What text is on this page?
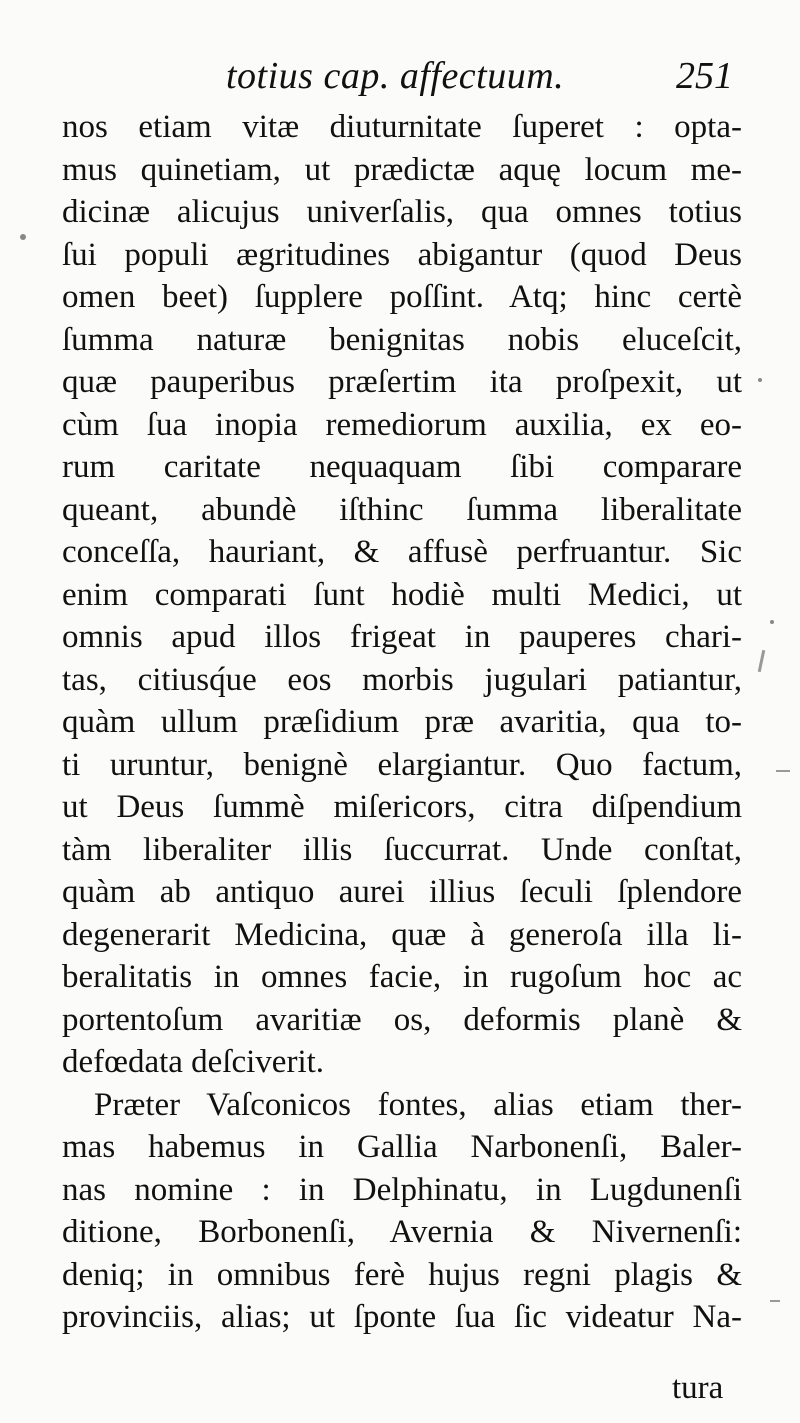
totius cap. affectuum.	251
nos etiam vitæ diuturnitate ſuperet : opta-
mus quinetiam, ut prædictæ aquę locum me-
dicinæ alicujus univerſalis, qua omnes totius
ſui populi ægritudines abigantur (quod Deus
omen beet) ſupplere poſſint. Atq; hinc certè
ſumma naturæ benignitas nobis eluceſcit,
quæ pauperibus præſertim ita proſpexit, ut
cùm ſua inopia remediorum auxilia, ex eo-
rum caritate nequaquam ſibi comparare
queant, abundè iſthinc ſumma liberalitate
conceſſa, hauriant, & affusè perfruantur. Sic
enim comparati ſunt hodiè multi Medici, ut
omnis apud illos frigeat in pauperes chari-
tas, citiusq́ue eos morbis jugulari patiantur,
quàm ullum præſidium præ avaritia, qua to-
ti uruntur, benignè elargiantur. Quo factum,
ut Deus ſummè miſericors, citra diſpendium
tàm liberaliter illis ſuccurrat. Unde conſtat,
quàm ab antiquo aurei illius ſeculi ſplendore
degenerarit Medicina, quæ à generoſa illa li-
beralitatis in omnes facie, in rugoſum hoc ac
portentoſum avaritiæ os, deformis planè &
defœdata deſciverit.
Præter Vaſconicos fontes, alias etiam ther-
mas habemus in Gallia Narbonenſi, Baler-
nas nomine : in Delphinatu, in Lugdunenſi
ditione, Borbonenſi, Avernia & Nivernenſi:
deniq; in omnibus ferè hujus regni plagis &
provinciis, alias; ut ſponte ſua ſic videatur Na-
tura
